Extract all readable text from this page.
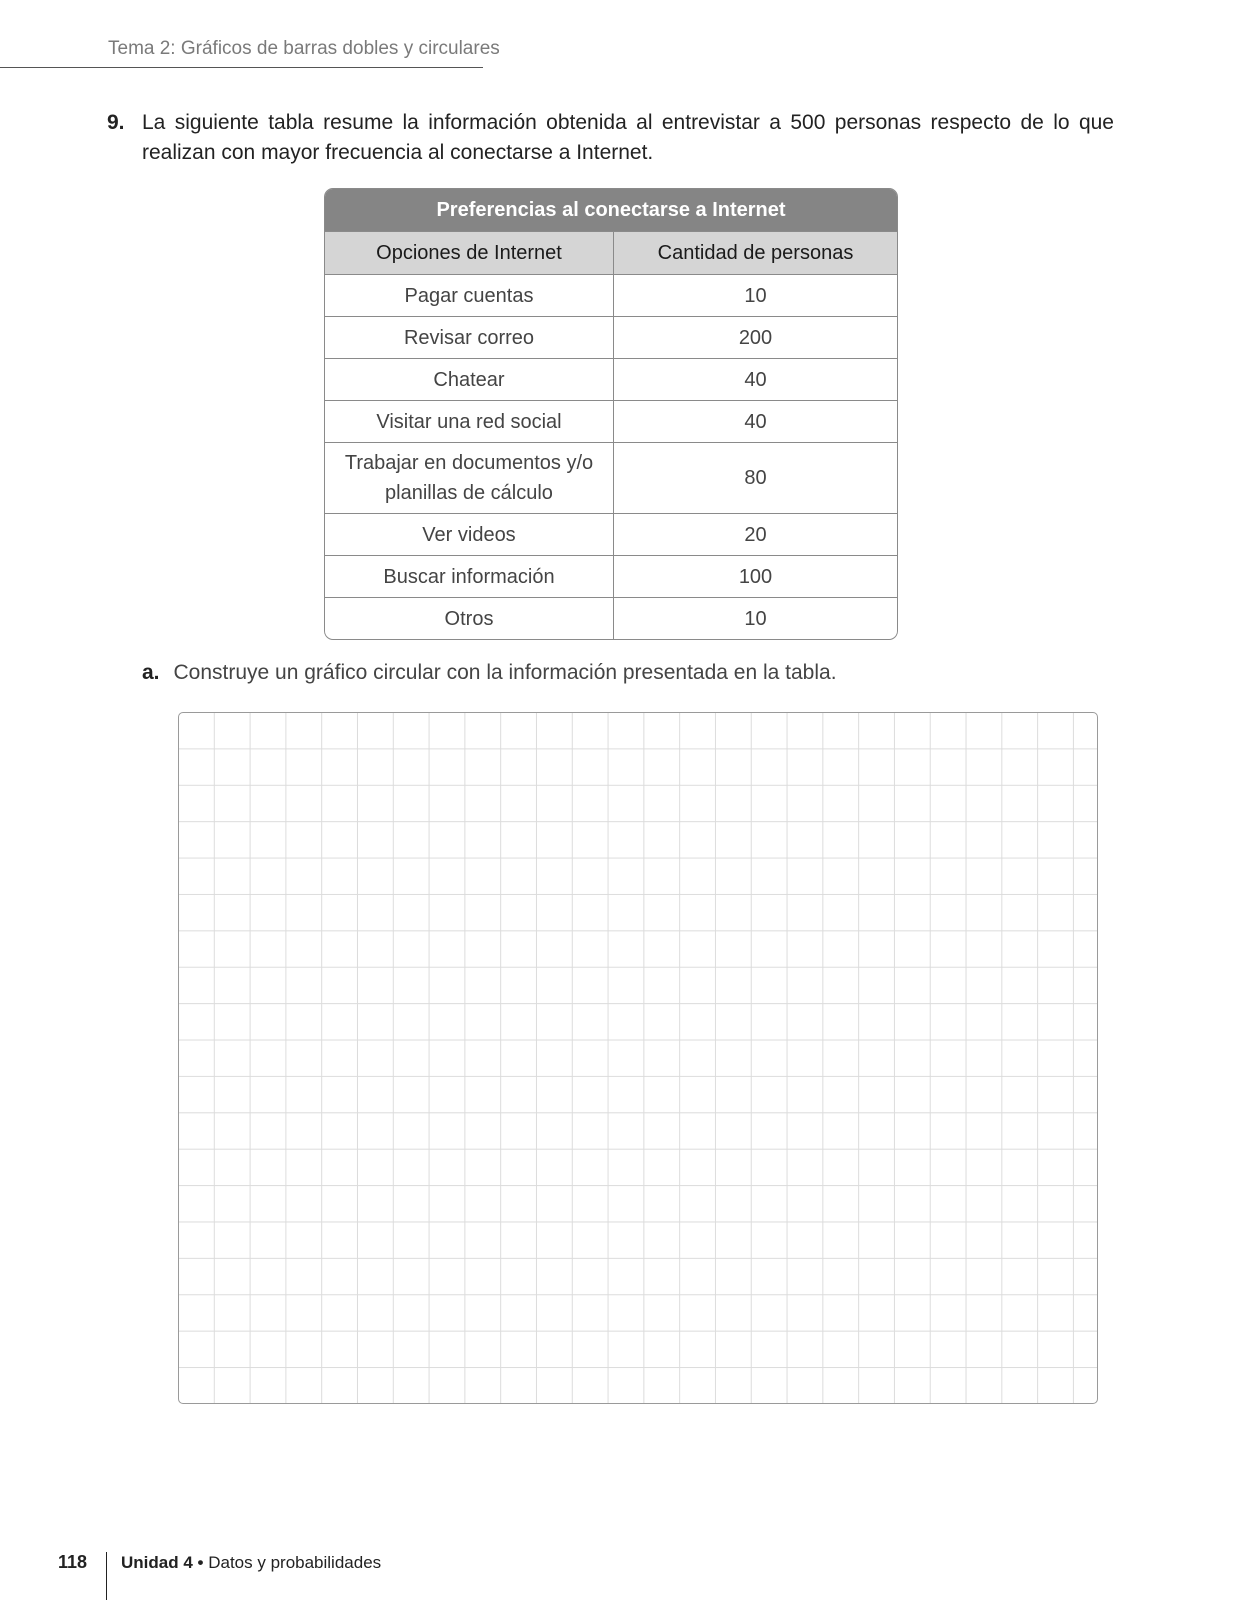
Tema 2: Gráficos de barras dobles y circulares
9. La siguiente tabla resume la información obtenida al entrevistar a 500 personas respecto de lo que realizan con mayor frecuencia al conectarse a Internet.
Preferencias al conectarse a Internet	
Opciones de Internet	Cantidad de personas
Pagar cuentas	10
Revisar correo	200
Chatear	40
Visitar una red social	40
Trabajar en documentos y/o planillas de cálculo	80
Ver videos	20
Buscar información	100
Otros	10
a. Construye un gráfico circular con la información presentada en la tabla.
118 Unidad 4 • Datos y probabilidades
